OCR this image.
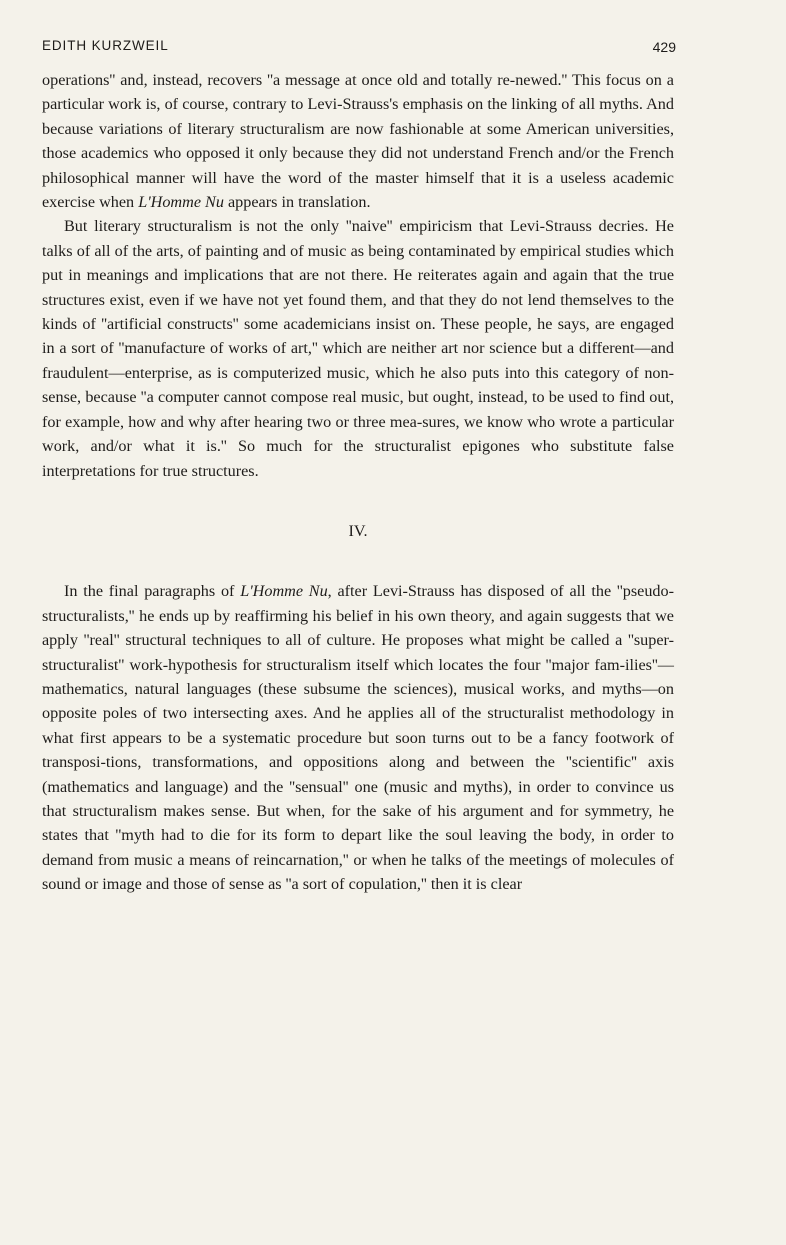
EDITH KURZWEIL	429

operations'' and, instead, recovers ''a message at once old and totally re-newed.'' This focus on a particular work is, of course, contrary to Levi-Strauss's emphasis on the linking of all myths. And because variations of literary structuralism are now fashionable at some American universities, those academics who opposed it only because they did not understand French and/or the French philosophical manner will have the word of the master himself that it is a useless academic exercise when L'Homme Nu appears in translation.

But literary structuralism is not the only ''naive'' empiricism that Levi-Strauss decries. He talks of all of the arts, of painting and of music as being contaminated by empirical studies which put in meanings and implications that are not there. He reiterates again and again that the true structures exist, even if we have not yet found them, and that they do not lend themselves to the kinds of ''artificial constructs'' some academicians insist on. These people, he says, are engaged in a sort of ''manufacture of works of art,'' which are neither art nor science but a different—and fraudulent—enterprise, as is computerized music, which he also puts into this category of non-sense, because ''a computer cannot compose real music, but ought, instead, to be used to find out, for example, how and why after hearing two or three mea-sures, we know who wrote a particular work, and/or what it is.'' So much for the structuralist epigones who substitute false interpretations for true structures.

IV.

In the final paragraphs of L'Homme Nu, after Levi-Strauss has disposed of all the ''pseudo-structuralists,'' he ends up by reaffirming his belief in his own theory, and again suggests that we apply ''real'' structural techniques to all of culture. He proposes what might be called a ''super-structuralist'' work-hypothesis for structuralism itself which locates the four ''major fam-ilies''—mathematics, natural languages (these subsume the sciences), musical works, and myths—on opposite poles of two intersecting axes. And he applies all of the structuralist methodology in what first appears to be a systematic procedure but soon turns out to be a fancy footwork of transposi-tions, transformations, and oppositions along and between the ''scientific'' axis (mathematics and language) and the ''sensual'' one (music and myths), in order to convince us that structuralism makes sense. But when, for the sake of his argument and for symmetry, he states that ''myth had to die for its form to depart like the soul leaving the body, in order to demand from music a means of reincarnation,'' or when he talks of the meetings of molecules of sound or image and those of sense as ''a sort of copulation,'' then it is clear
